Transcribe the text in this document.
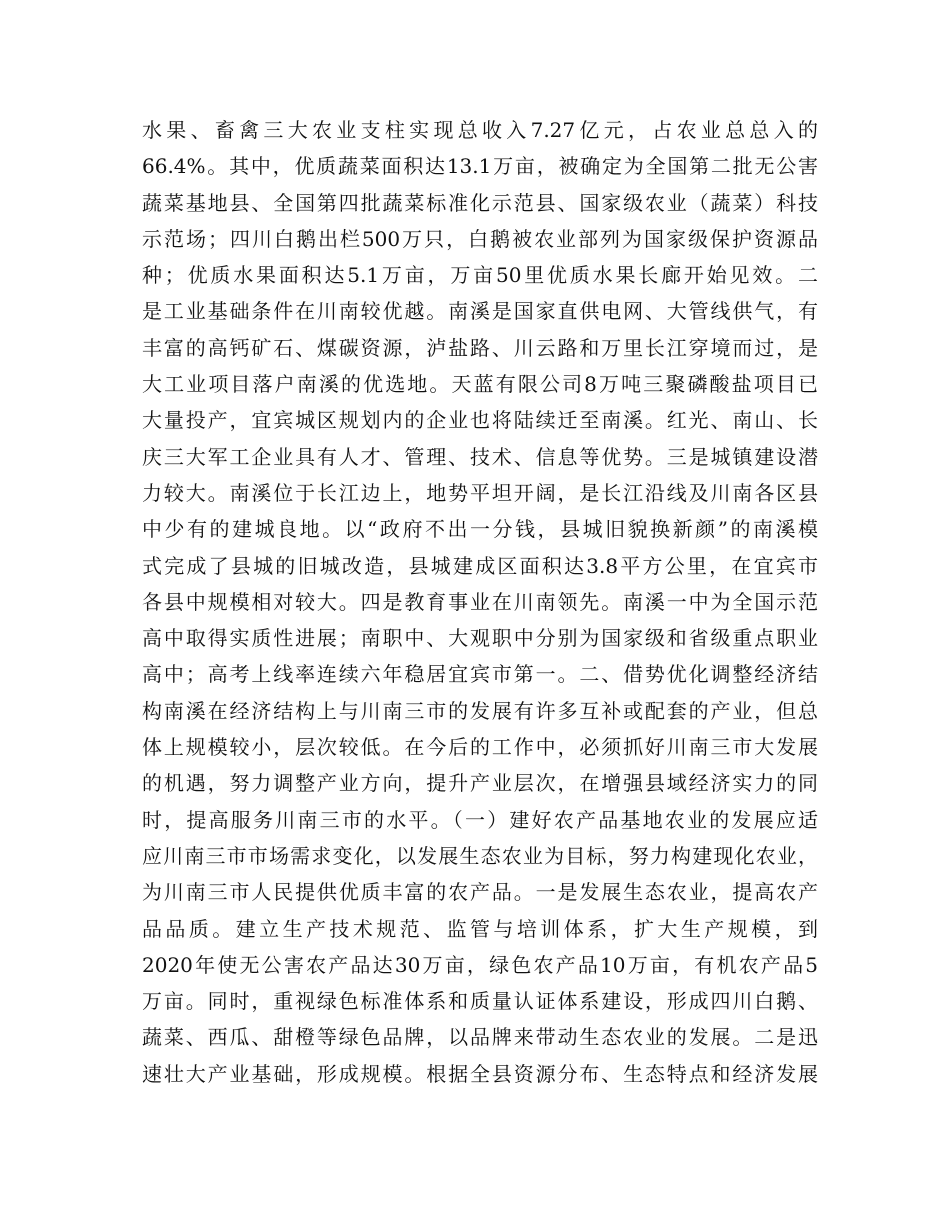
水果、畜禽三大农业支柱实现总收入7.27亿元，占农业总总入的
66.4%。其中，优质蔬菜面积达13.1万亩，被确定为全国第二批无公害
蔬菜基地县、全国第四批蔬菜标准化示范县、国家级农业（蔬菜）科技
示范场；四川白鹅出栏500万只，白鹅被农业部列为国家级保护资源品
种；优质水果面积达5.1万亩，万亩50里优质水果长廊开始见效。二
是工业基础条件在川南较优越。南溪是国家直供电网、大管线供气，有
丰富的高钙矿石、煤碳资源，泸盐路、川云路和万里长江穿境而过，是
大工业项目落户南溪的优选地。天蓝有限公司8万吨三聚磷酸盐项目已
大量投产，宜宾城区规划内的企业也将陆续迁至南溪。红光、南山、长
庆三大军工企业具有人才、管理、技术、信息等优势。三是城镇建设潜
力较大。南溪位于长江边上，地势平坦开阔，是长江沿线及川南各区县
中少有的建城良地。以“政府不出一分钱，县城旧貌换新颜”的南溪模
式完成了县城的旧城改造，县城建成区面积达3.8平方公里，在宜宾市
各县中规模相对较大。四是教育事业在川南领先。南溪一中为全国示范
高中取得实质性进展；南职中、大观职中分别为国家级和省级重点职业
高中；高考上线率连续六年稳居宜宾市第一。二、借势优化调整经济结
构南溪在经济结构上与川南三市的发展有许多互补或配套的产业，但总
体上规模较小，层次较低。在今后的工作中，必须抓好川南三市大发展
的机遇，努力调整产业方向，提升产业层次，在增强县域经济实力的同
时，提高服务川南三市的水平。（一）建好农产品基地农业的发展应适
应川南三市市场需求变化，以发展生态农业为目标，努力构建现化农业，
为川南三市人民提供优质丰富的农产品。一是发展生态农业，提高农产
品品质。建立生产技术规范、监管与培训体系，扩大生产规模，到
2020年使无公害农产品达30万亩，绿色农产品10万亩，有机农产品5
万亩。同时，重视绿色标准体系和质量认证体系建设，形成四川白鹅、
蔬菜、西瓜、甜橙等绿色品牌，以品牌来带动生态农业的发展。二是迅
速壮大产业基础，形成规模。根据全县资源分布、生态特点和经济发展
